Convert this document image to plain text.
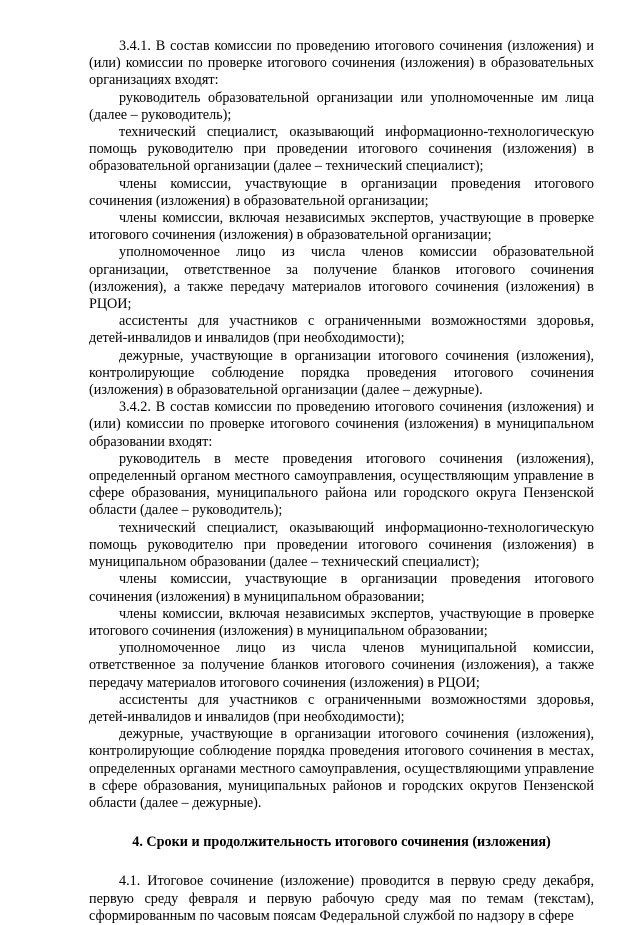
3.4.1. В состав комиссии по проведению итогового сочинения (изложения) и (или) комиссии по проверке итогового сочинения (изложения) в образовательных организациях входят:

руководитель образовательной организации или уполномоченные им лица (далее – руководитель);

технический специалист, оказывающий информационно-технологическую помощь руководителю при проведении итогового сочинения (изложения) в образовательной организации (далее – технический специалист);

члены комиссии, участвующие в организации проведения итогового сочинения (изложения) в образовательной организации;

члены комиссии, включая независимых экспертов, участвующие в проверке итогового сочинения (изложения) в образовательной организации;

уполномоченное лицо из числа членов комиссии образовательной организации, ответственное за получение бланков итогового сочинения (изложения), а также передачу материалов итогового сочинения (изложения) в РЦОИ;

ассистенты для участников с ограниченными возможностями здоровья, детей-инвалидов и инвалидов (при необходимости);

дежурные, участвующие в организации итогового сочинения (изложения), контролирующие соблюдение порядка проведения итогового сочинения (изложения) в образовательной организации (далее – дежурные).

3.4.2. В состав комиссии по проведению итогового сочинения (изложения) и (или) комиссии по проверке итогового сочинения (изложения) в муниципальном образовании входят:

руководитель в месте проведения итогового сочинения (изложения), определенный органом местного самоуправления, осуществляющим управление в сфере образования, муниципального района или городского округа Пензенской области (далее – руководитель);

технический специалист, оказывающий информационно-технологическую помощь руководителю при проведении итогового сочинения (изложения) в муниципальном образовании (далее – технический специалист);

члены комиссии, участвующие в организации проведения итогового сочинения (изложения) в муниципальном образовании;

члены комиссии, включая независимых экспертов, участвующие в проверке итогового сочинения (изложения) в муниципальном образовании;

уполномоченное лицо из числа членов муниципальной комиссии, ответственное за получение бланков итогового сочинения (изложения), а также передачу материалов итогового сочинения (изложения) в РЦОИ;

ассистенты для участников с ограниченными возможностями здоровья, детей-инвалидов и инвалидов (при необходимости);

дежурные, участвующие в организации итогового сочинения (изложения), контролирующие соблюдение порядка проведения итогового сочинения в местах, определенных органами местного самоуправления, осуществляющими управление в сфере образования, муниципальных районов и городских округов Пензенской области (далее – дежурные).

4. Сроки и продолжительность итогового сочинения (изложения)

4.1. Итоговое сочинение (изложение) проводится в первую среду декабря, первую среду февраля и первую рабочую среду мая по темам (текстам), сформированным по часовым поясам Федеральной службой по надзору в сфере
